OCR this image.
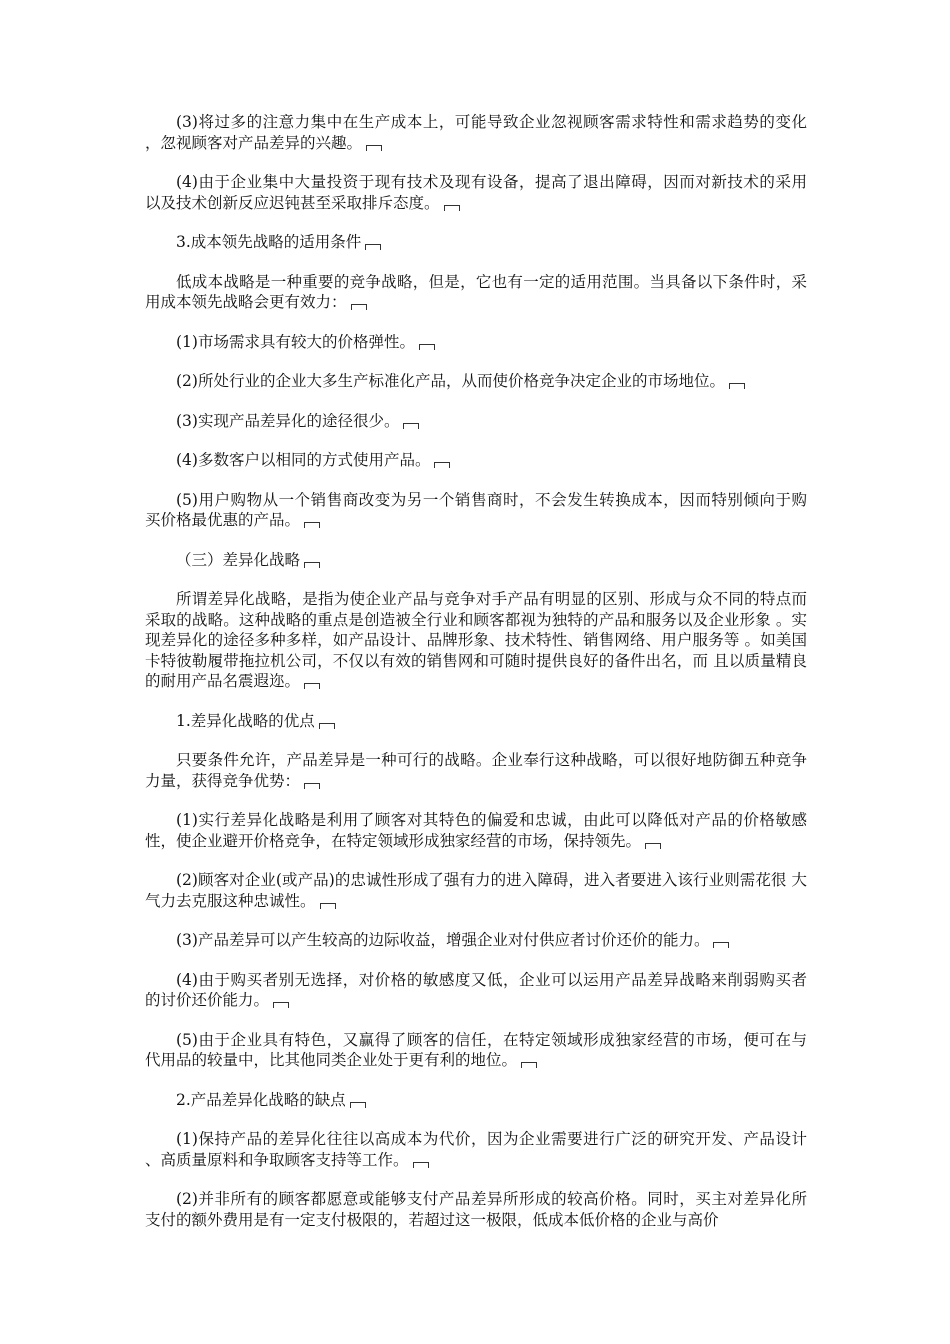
(3)将过多的注意力集中在生产成本上，可能导致企业忽视顾客需求特性和需求趋势的变化 ，忽视顾客对产品差异的兴趣。

(4)由于企业集中大量投资于现有技术及现有设备，提高了退出障碍，因而对新技术的采用 以及技术创新反应迟钝甚至采取排斥态度。

3.成本领先战略的适用条件

低成本战略是一种重要的竞争战略，但是，它也有一定的适用范围。当具备以下条件时，采 用成本领先战略会更有效力：

(1)市场需求具有较大的价格弹性。

(2)所处行业的企业大多生产标准化产品，从而使价格竞争决定企业的市场地位。

(3)实现产品差异化的途径很少。

(4)多数客户以相同的方式使用产品。

(5)用户购物从一个销售商改变为另一个销售商时，不会发生转换成本，因而特别倾向于购 买价格最优惠的产品。

（三）差异化战略

所谓差异化战略，是指为使企业产品与竞争对手产品有明显的区别、形成与众不同的特点而 采取的战略。这种战略的重点是创造被全行业和顾客都视为独特的产品和服务以及企业形象 。实现差异化的途径多种多样，如产品设计、品牌形象、技术特性、销售网络、用户服务等 。如美国卡特彼勒履带拖拉机公司，不仅以有效的销售网和可随时提供良好的备件出名，而 且以质量精良的耐用产品名震遐迩。

1.差异化战略的优点

只要条件允许，产品差异是一种可行的战略。企业奉行这种战略，可以很好地防御五种竞争 力量，获得竞争优势：

(1)实行差异化战略是利用了顾客对其特色的偏爱和忠诚，由此可以降低对产品的价格敏感 性，使企业避开价格竞争，在特定领域形成独家经营的市场，保持领先。

(2)顾客对企业(或产品)的忠诚性形成了强有力的进入障碍，进入者要进入该行业则需花很 大气力去克服这种忠诚性。

(3)产品差异可以产生较高的边际收益，增强企业对付供应者讨价还价的能力。

(4)由于购买者别无选择，对价格的敏感度又低，企业可以运用产品差异战略来削弱购买者 的讨价还价能力。

(5)由于企业具有特色，又赢得了顾客的信任，在特定领域形成独家经营的市场，便可在与 代用品的较量中，比其他同类企业处于更有利的地位。

2.产品差异化战略的缺点

(1)保持产品的差异化往往以高成本为代价，因为企业需要进行广泛的研究开发、产品设计 、高质量原料和争取顾客支持等工作。

(2)并非所有的顾客都愿意或能够支付产品差异所形成的较高价格。同时，买主对差异化所 支付的额外费用是有一定支付极限的，若超过这一极限，低成本低价格的企业与高价
